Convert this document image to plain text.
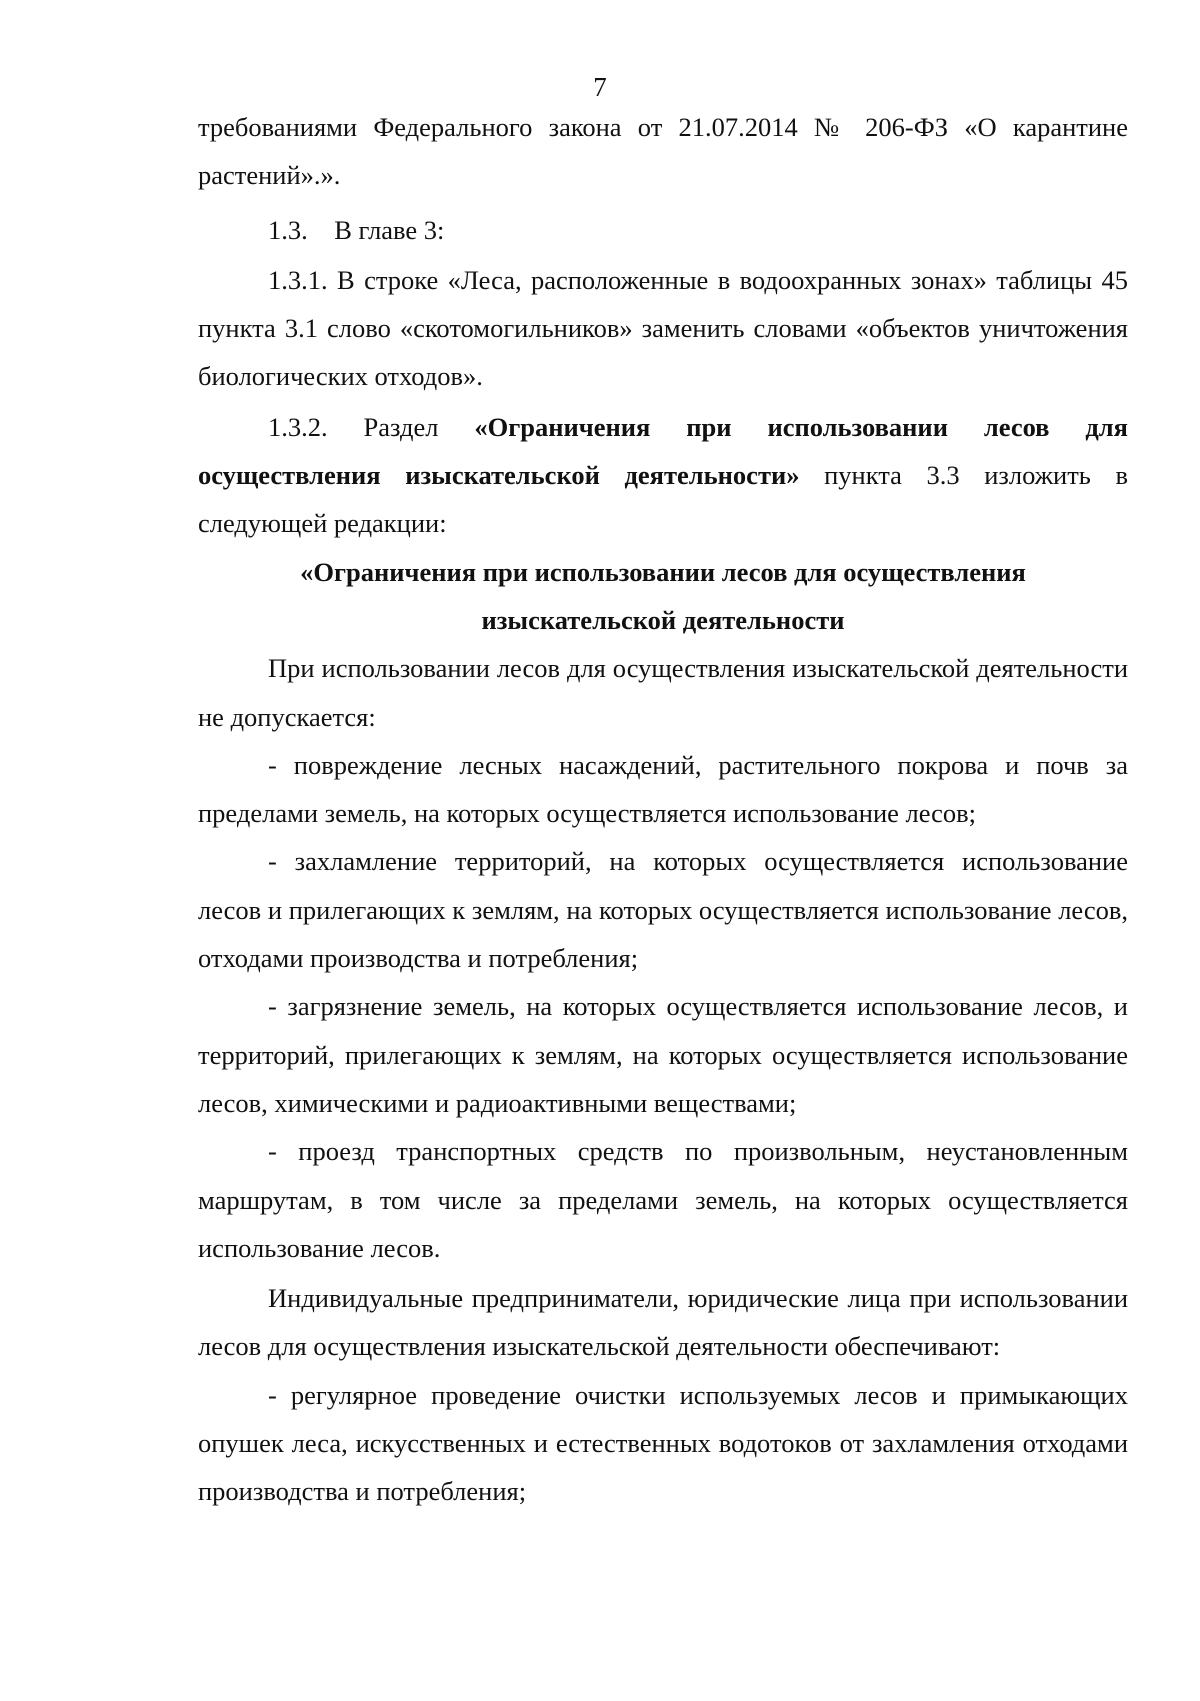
7

требованиями Федерального закона от 21.07.2014 № 206-ФЗ «О карантине растений».».

1.3. В главе 3:

1.3.1. В строке «Леса, расположенные в водоохранных зонах» таблицы 45 пункта 3.1 слово «скотомогильников» заменить словами «объектов уничтожения биологических отходов».

1.3.2. Раздел «Ограничения при использовании лесов для осуществления изыскательской деятельности» пункта 3.3 изложить в следующей редакции:

«Ограничения при использовании лесов для осуществления

изыскательской деятельности

При использовании лесов для осуществления изыскательской деятельности не допускается:

- повреждение лесных насаждений, растительного покрова и почв за пределами земель, на которых осуществляется использование лесов;

- захламление территорий, на которых осуществляется использование лесов и прилегающих к землям, на которых осуществляется использование лесов, отходами производства и потребления;

- загрязнение земель, на которых осуществляется использование лесов, и территорий, прилегающих к землям, на которых осуществляется использование лесов, химическими и радиоактивными веществами;

- проезд транспортных средств по произвольным, неустановленным маршрутам, в том числе за пределами земель, на которых осуществляется использование лесов.

Индивидуальные предприниматели, юридические лица при использовании лесов для осуществления изыскательской деятельности обеспечивают:

- регулярное проведение очистки используемых лесов и примыкающих опушек леса, искусственных и естественных водотоков от захламления отходами производства и потребления;
